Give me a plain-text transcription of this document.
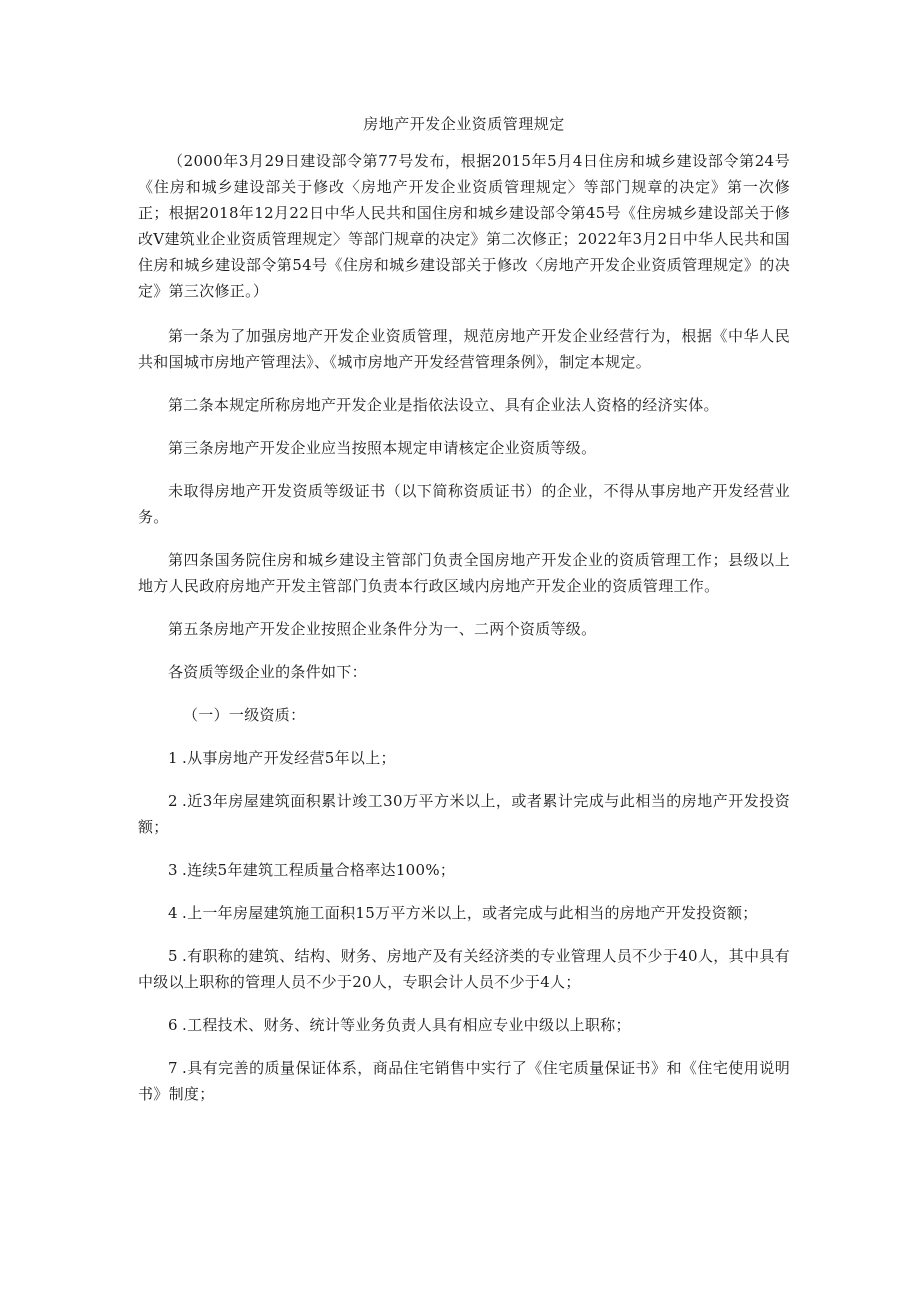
房地产开发企业资质管理规定

（2000年3月29日建设部令第77号发布，根据2015年5月4日住房和城乡建设部令第24号《住房和城乡建设部关于修改〈房地产开发企业资质管理规定〉等部门规章的决定》第一次修正；根据2018年12月22日中华人民共和国住房和城乡建设部令第45号《住房城乡建设部关于修改V建筑业企业资质管理规定〉等部门规章的决定》第二次修正；2022年3月2日中华人民共和国住房和城乡建设部令第54号《住房和城乡建设部关于修改〈房地产开发企业资质管理规定》的决定》第三次修正。）

第一条为了加强房地产开发企业资质管理，规范房地产开发企业经营行为，根据《中华人民共和国城市房地产管理法》、《城市房地产开发经营管理条例》，制定本规定。

第二条本规定所称房地产开发企业是指依法设立、具有企业法人资格的经济实体。

第三条房地产开发企业应当按照本规定申请核定企业资质等级。

未取得房地产开发资质等级证书（以下简称资质证书）的企业，不得从事房地产开发经营业务。

第四条国务院住房和城乡建设主管部门负责全国房地产开发企业的资质管理工作；县级以上地方人民政府房地产开发主管部门负责本行政区域内房地产开发企业的资质管理工作。

第五条房地产开发企业按照企业条件分为一、二两个资质等级。

各资质等级企业的条件如下：

（一）一级资质：

1 .从事房地产开发经营5年以上；

2 .近3年房屋建筑面积累计竣工30万平方米以上，或者累计完成与此相当的房地产开发投资额；

3 .连续5年建筑工程质量合格率达100%；

4 .上一年房屋建筑施工面积15万平方米以上，或者完成与此相当的房地产开发投资额；

5 .有职称的建筑、结构、财务、房地产及有关经济类的专业管理人员不少于40人，其中具有中级以上职称的管理人员不少于20人，专职会计人员不少于4人；

6 .工程技术、财务、统计等业务负责人具有相应专业中级以上职称；

7 .具有完善的质量保证体系，商品住宅销售中实行了《住宅质量保证书》和《住宅使用说明书》制度；
